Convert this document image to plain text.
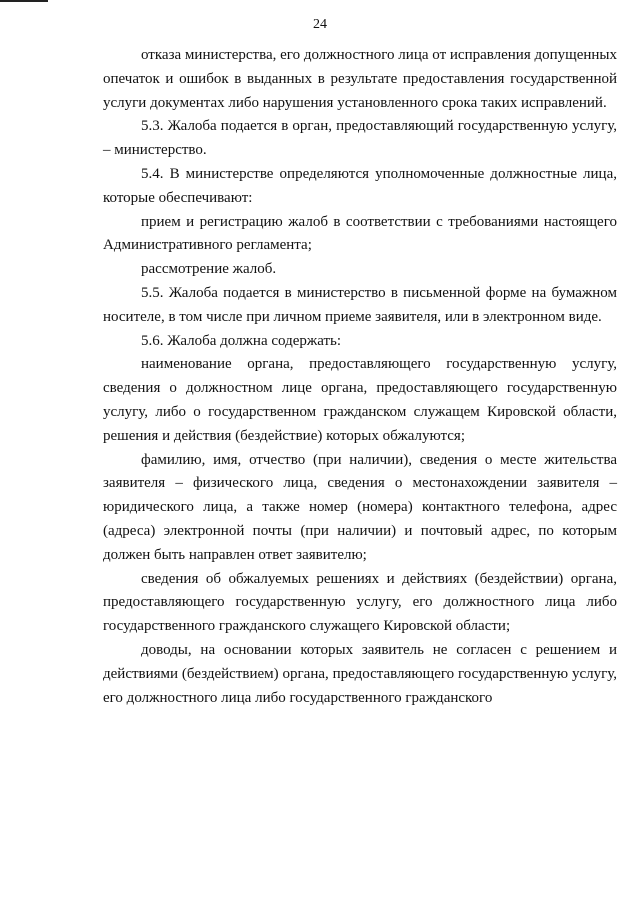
24

отказа министерства, его должностного лица от исправления допущенных опечаток и ошибок в выданных в результате предоставления государственной услуги документах либо нарушения установленного срока таких исправлений.

5.3. Жалоба подается в орган, предоставляющий государственную услугу, – министерство.

5.4. В министерстве определяются уполномоченные должностные лица, которые обеспечивают:

прием и регистрацию жалоб в соответствии с требованиями настоящего Административного регламента;

рассмотрение жалоб.

5.5. Жалоба подается в министерство в письменной форме на бумажном носителе, в том числе при личном приеме заявителя, или в электронном виде.

5.6. Жалоба должна содержать:

наименование органа, предоставляющего государственную услугу, сведения о должностном лице органа, предоставляющего государственную услугу, либо о государственном гражданском служащем Кировской области, решения и действия (бездействие) которых обжалуются;

фамилию, имя, отчество (при наличии), сведения о месте жительства заявителя – физического лица, сведения о местонахождении заявителя – юридического лица, а также номер (номера) контактного телефона, адрес (адреса) электронной почты (при наличии) и почтовый адрес, по которым должен быть направлен ответ заявителю;

сведения об обжалуемых решениях и действиях (бездействии) органа, предоставляющего государственную услугу, его должностного лица либо государственного гражданского служащего Кировской области;

доводы, на основании которых заявитель не согласен с решением и действиями (бездействием) органа, предоставляющего государственную услугу, его должностного лица либо государственного гражданского
